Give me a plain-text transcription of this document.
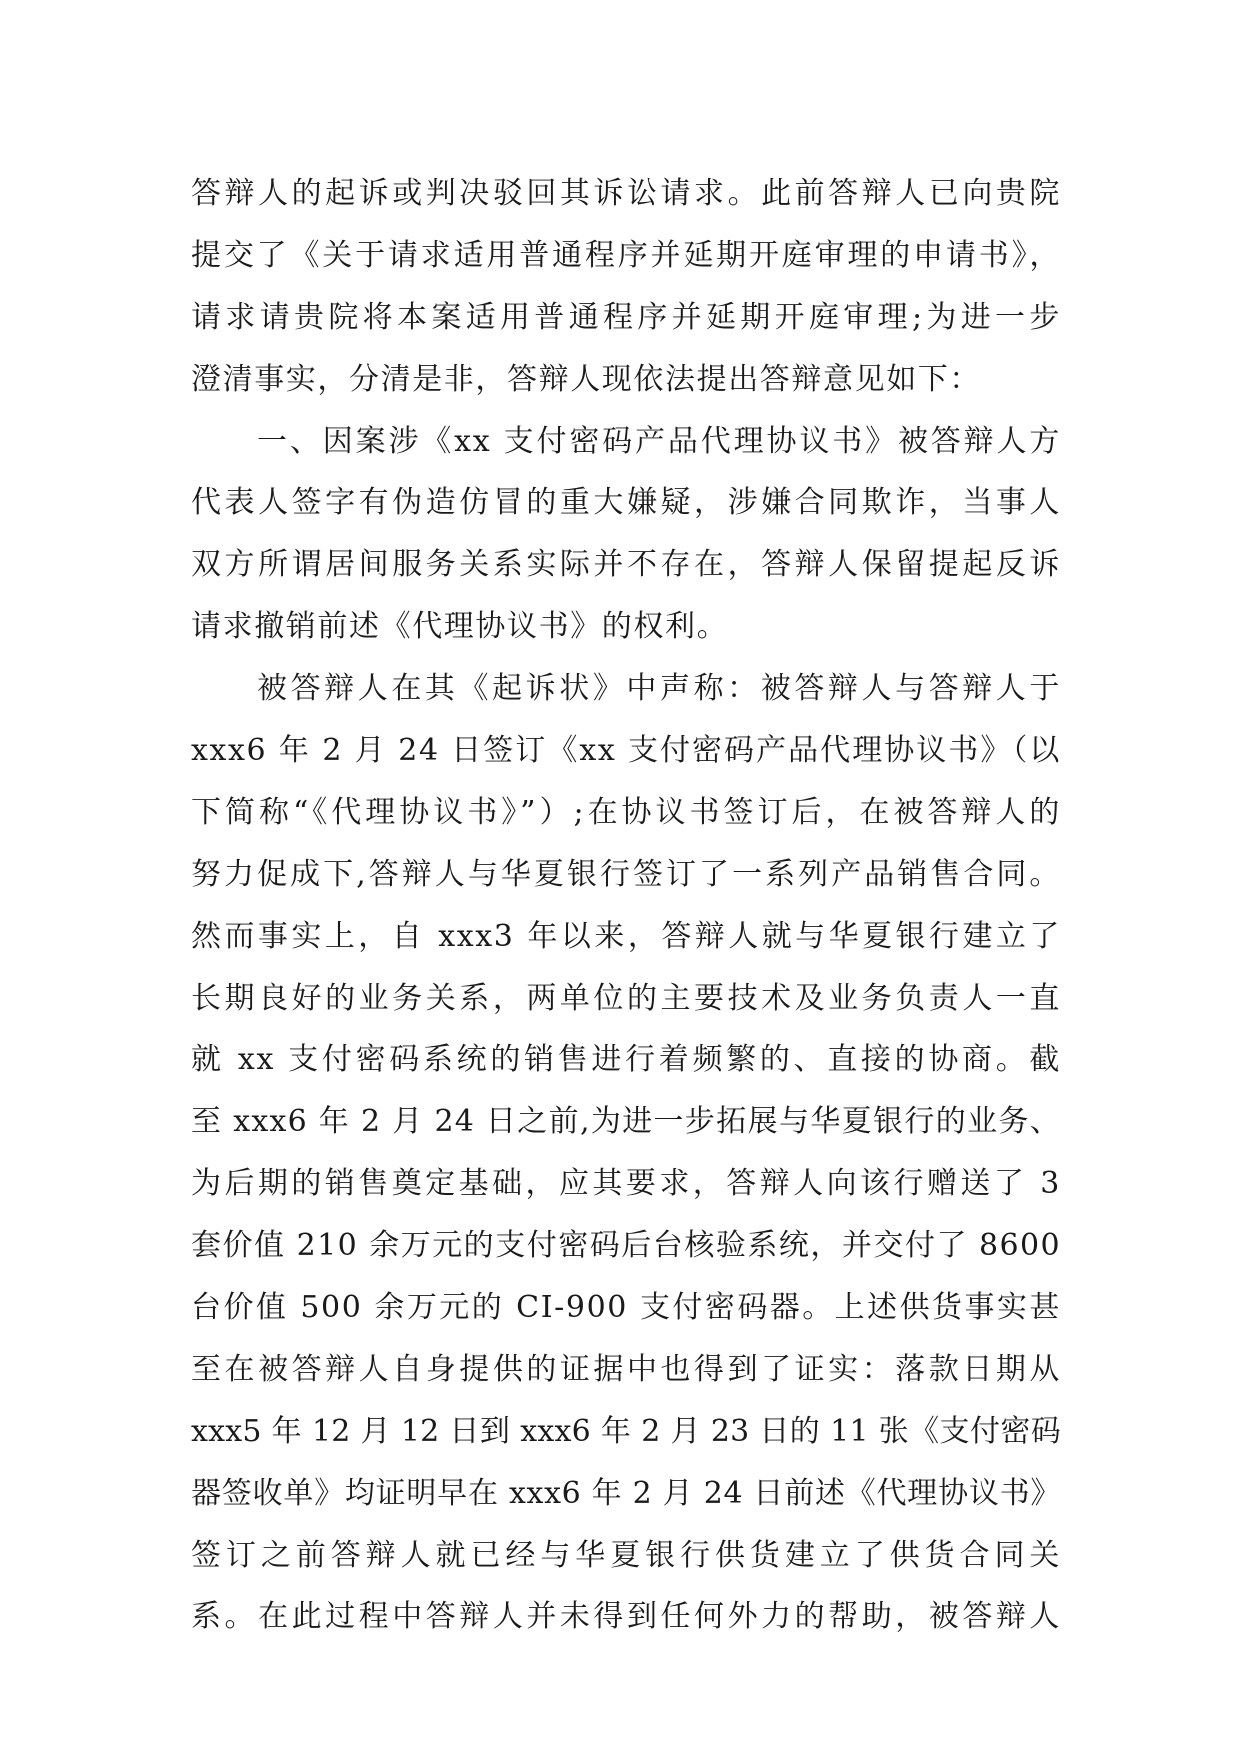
答辩人的起诉或判决驳回其诉讼请求。此前答辩人已向贵院
提交了《关于请求适用普通程序并延期开庭审理的申请书》，
请求请贵院将本案适用普通程序并延期开庭审理;为进一步
澄清事实，分清是非，答辩人现依法提出答辩意见如下：
一、因案涉《xx 支付密码产品代理协议书》被答辩人方
代表人签字有伪造仿冒的重大嫌疑，涉嫌合同欺诈，当事人
双方所谓居间服务关系实际并不存在，答辩人保留提起反诉
请求撤销前述《代理协议书》的权利。
被答辩人在其《起诉状》中声称：被答辩人与答辩人于
xxx6 年 2 月 24 日签订《xx 支付密码产品代理协议书》（以
下简称“《代理协议书》”）;在协议书签订后，在被答辩人的
努力促成下,答辩人与华夏银行签订了一系列产品销售合同。
然而事实上，自 xxx3 年以来，答辩人就与华夏银行建立了
长期良好的业务关系，两单位的主要技术及业务负责人一直
就 xx 支付密码系统的销售进行着频繁的、直接的协商。截
至 xxx6 年 2 月 24 日之前,为进一步拓展与华夏银行的业务、
为后期的销售奠定基础，应其要求，答辩人向该行赠送了 3
套价值 210 余万元的支付密码后台核验系统，并交付了 8600
台价值 500 余万元的 CI-900 支付密码器。上述供货事实甚
至在被答辩人自身提供的证据中也得到了证实：落款日期从
xxx5 年 12 月 12 日到 xxx6 年 2 月 23 日的 11 张《支付密码
器签收单》均证明早在 xxx6 年 2 月 24 日前述《代理协议书》
签订之前答辩人就已经与华夏银行供货建立了供货合同关
系。在此过程中答辩人并未得到任何外力的帮助，被答辩人
